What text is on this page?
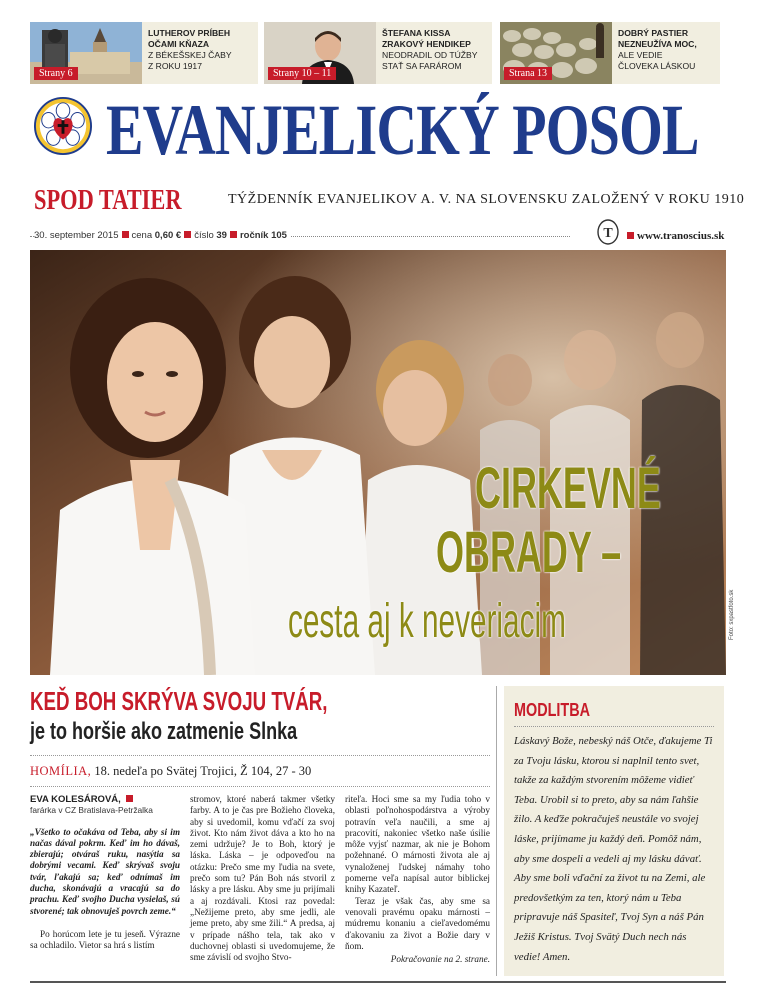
Strany 6
LUTHEROV PRÍBEH
OČAMI KŇAZA
Z BÉKEŠSKEJ ČABY
Z ROKU 1917
Strany 10 – 11
ŠTEFANA KISSA
ZRAKOVÝ HENDIKEP
NEODRADIL OD TÚŽBY
STAŤ SA FARÁROM
Strana 13
DOBRÝ PASTIER
NEZNEUŽÍVA MOC,
ALE VEDIE
ČLOVEKA LÁSKOU
EVANJELICKÝ POSOL
SPOD TATIER	TÝŽDENNÍK EVANJELIKOV A. V. NA SLOVENSKU ZALOŽENÝ V ROKU 1910
30. september 2015 cena 0,60 € číslo 39 ročník 105	T	www.tranoscius.sk
Foto: sxpastfoto.sk
CIRKEVNÉ
OBRADY –
cesta aj k neveriacim
KEĎ BOH SKRÝVA SVOJU TVÁR,
je to horšie ako zatmenie Slnka
HOMÍLIA, 18. nedeľa po Svätej Trojici, Ž 104, 27 - 30
EVA KOLESÁROVÁ,
farárka v CZ Bratislava-Petržalka

„Všetko to očakáva od Teba, aby si im načas dával pokrm. Keď im ho dávaš, zbierajú; otváraš ruku, nasýtia sa dobrými vecami. Keď skrývaš svoju tvár, ľakajú sa; keď odnímaš im ducha, skonávajú a vracajú sa do prachu. Keď svojho Ducha vysielaš, sú stvorené; tak obnovuješ povrch zeme.“

Po horúcom lete je tu jeseň. Výrazne sa ochladilo. Vietor sa hrá s listím

stromov, ktoré naberá takmer všetky farby. A to je čas pre Božieho človeka, aby si uvedomil, komu vďačí za svoj život. Kto nám život dáva a kto ho na zemi udržuje? Je to Boh, ktorý je láska. Láska – je odpoveďou na otázku: Prečo sme my ľudia na svete, prečo som tu? Pán Boh nás stvoril z lásky a pre lásku. Aby sme ju prijímali a aj rozdávali. Ktosi raz povedal: „Nežijeme preto, aby sme jedli, ale jeme preto, aby sme žili.“ A predsa, aj v prípade nášho tela, tak ako v duchovnej oblasti si uvedomujeme, že sme závislí od svojho Stvo-

riteľa. Hoci sme sa my ľudia toho v oblasti poľnohospodárstva a výroby potravín veľa naučili, a sme aj pracovití, nakoniec všetko naše úsilie môže vyjsť nazmar, ak nie je Bohom požehnané. O márnosti života ale aj vynaloženej ľudskej námahy toho pomerne veľa napísal autor biblickej knihy Kazateľ.

Teraz je však čas, aby sme sa venovali pravému opaku márnosti – múdremu konaniu a cieľavedomému ďakovaniu za život a Božie dary v ňom.

Pokračovanie na 2. strane.

MODLITBA
Láskavý Bože, nebeský náš Otče, ďakujeme Ti za Tvoju lásku, ktorou si naplnil tento svet, takže za každým stvorením môžeme vidieť Teba. Urobil si to preto, aby sa nám ľahšie žilo. A keďže pokračuješ neustále vo svojej láske, prijímame ju každý deň. Pomôž nám, aby sme dospeli a vedeli aj my lásku dávať. Aby sme boli vďační za život tu na Zemi, ale predovšetkým za ten, ktorý nám u Teba pripravuje náš Spasiteľ, Tvoj Syn a náš Pán Ježiš Kristus. Tvoj Svätý Duch nech nás vedie! Amen.
